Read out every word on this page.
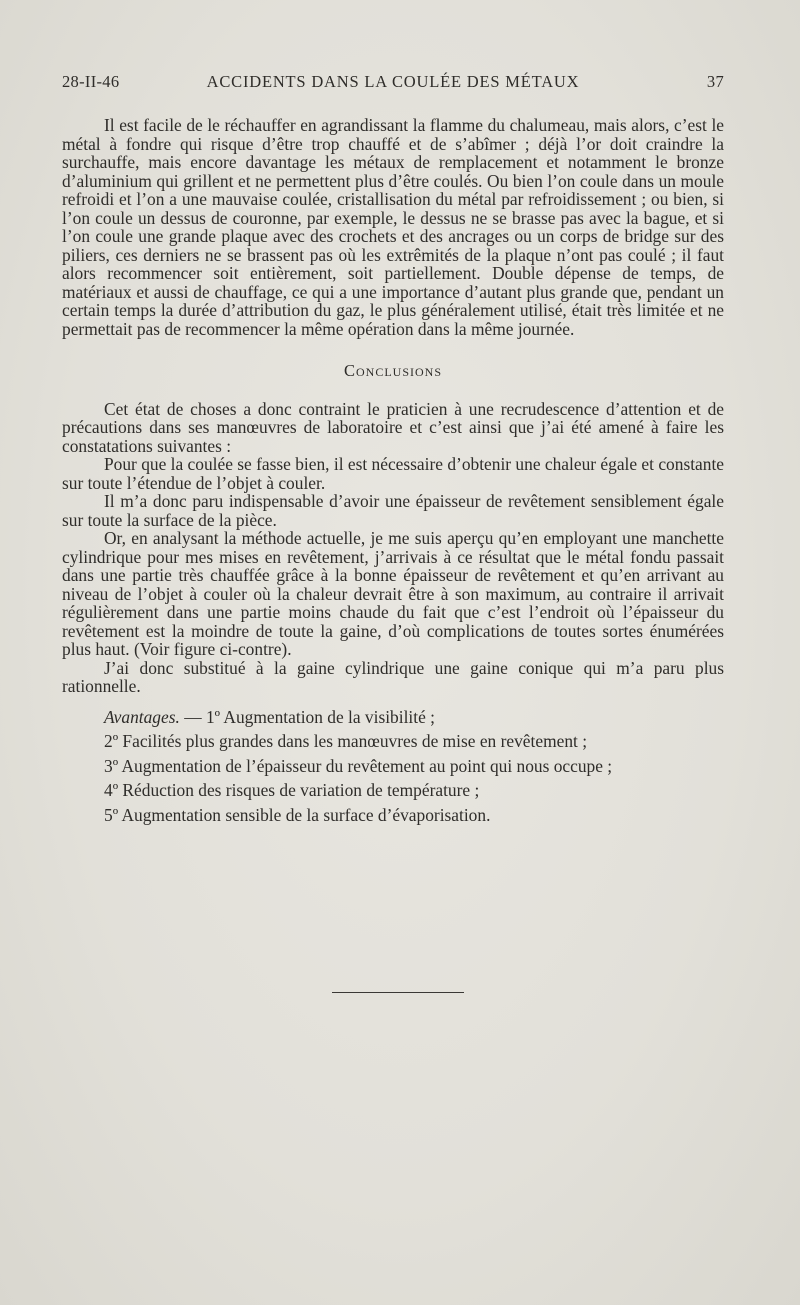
28-II-46	ACCIDENTS DANS LA COULÉE DES MÉTAUX	37

Il est facile de le réchauffer en agrandissant la flamme du chalumeau, mais alors, c’est le métal à fondre qui risque d’être trop chauffé et de s’abîmer ; déjà l’or doit craindre la surchauffe, mais encore davantage les métaux de remplacement et notamment le bronze d’aluminium qui grillent et ne permettent plus d’être coulés. Ou bien l’on coule dans un moule refroidi et l’on a une mauvaise coulée, cristallisation du métal par refroidissement ; ou bien, si l’on coule un dessus de couronne, par exemple, le dessus ne se brasse pas avec la bague, et si l’on coule une grande plaque avec des crochets et des ancrages ou un corps de bridge sur des piliers, ces derniers ne se brassent pas où les extrêmités de la plaque n’ont pas coulé ; il faut alors recommencer soit entièrement, soit partiellement. Double dépense de temps, de matériaux et aussi de chauffage, ce qui a une importance d’autant plus grande que, pendant un certain temps la durée d’attribution du gaz, le plus généralement utilisé, était très limitée et ne permettait pas de recommencer la même opération dans la même journée.

Conclusions

Cet état de choses a donc contraint le praticien à une recrudescence d’attention et de précautions dans ses manœuvres de laboratoire et c’est ainsi que j’ai été amené à faire les constatations suivantes :

Pour que la coulée se fasse bien, il est nécessaire d’obtenir une chaleur égale et constante sur toute l’étendue de l’objet à couler.

Il m’a donc paru indispensable d’avoir une épaisseur de revêtement sensiblement égale sur toute la surface de la pièce.

Or, en analysant la méthode actuelle, je me suis aperçu qu’en employant une manchette cylindrique pour mes mises en revêtement, j’arrivais à ce résultat que le métal fondu passait dans une partie très chauffée grâce à la bonne épaisseur de revêtement et qu’en arrivant au niveau de l’objet à couler où la chaleur devrait être à son maximum, au contraire il arrivait régulièrement dans une partie moins chaude du fait que c’est l’endroit où l’épaisseur du revêtement est la moindre de toute la gaine, d’où complications de toutes sortes énumérées plus haut. (Voir figure ci-contre).

J’ai donc substitué à la gaine cylindrique une gaine conique qui m’a paru plus rationnelle.

Avantages. — 1º Augmentation de la visibilité ;

2º Facilités plus grandes dans les manœuvres de mise en revêtement ;

3º Augmentation de l’épaisseur du revêtement au point qui nous occupe ;

4º Réduction des risques de variation de température ;

5º Augmentation sensible de la surface d’évaporisation.
